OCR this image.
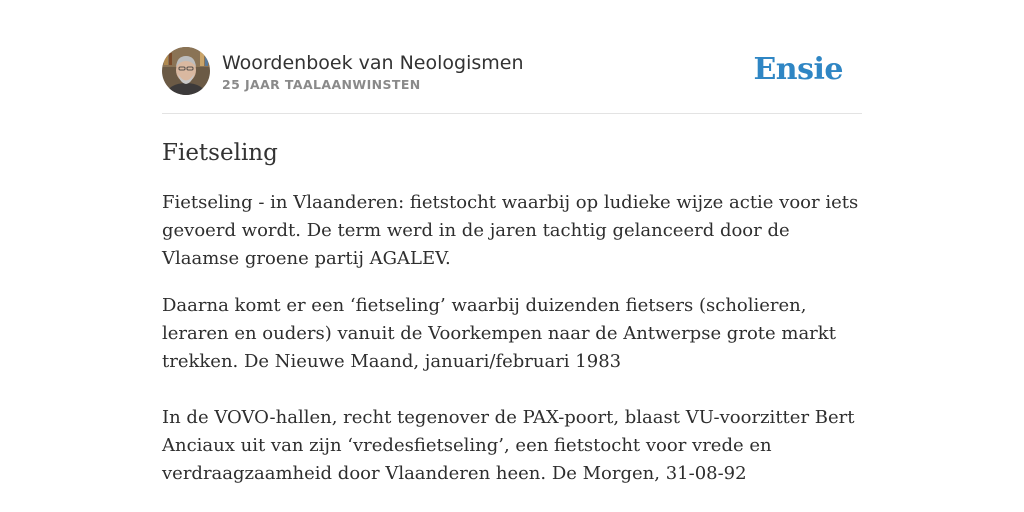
Woordenboek van Neologismen
25 JAAR TAALAANWINSTEN	Ensie
Fietseling
Fietseling - in Vlaanderen: fietstocht waarbij op ludieke wijze actie voor iets gevoerd wordt. De term werd in de jaren tachtig gelanceerd door de Vlaamse groene partij AGALEV.
Daarna komt er een ‘fietseling’ waarbij duizenden fietsers (scholieren, leraren en ouders) vanuit de Voorkempen naar de Antwerpse grote markt trekken. De Nieuwe Maand, januari/februari 1983
In de VOVO-hallen, recht tegenover de PAX-poort, blaast VU-voorzitter Bert Anciaux uit van zijn ‘vredesfietseling’, een fietstocht voor vrede en verdraagzaamheid door Vlaanderen heen. De Morgen, 31-08-92
